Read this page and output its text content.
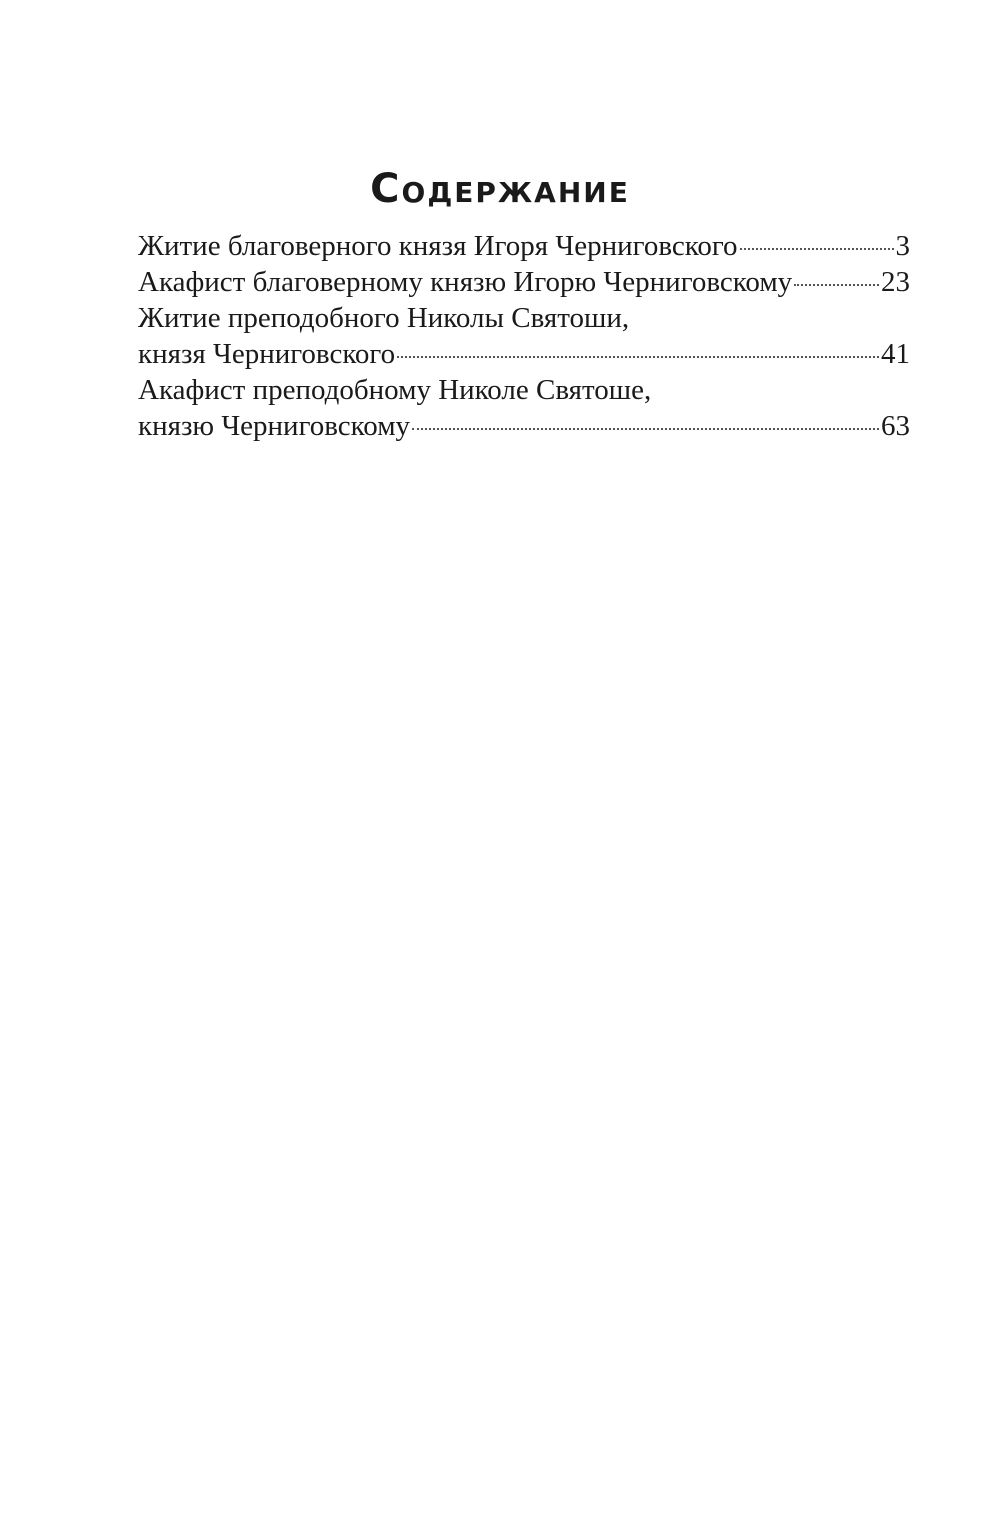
Содержание
Житие благоверного князя Игоря Черниговского	3
Акафист благоверному князю Игорю Черниговскому	23
Житие преподобного Николы Святоши,
князя Черниговского	41
Акафист преподобному Николе Святоше,
князю Черниговскому	63
